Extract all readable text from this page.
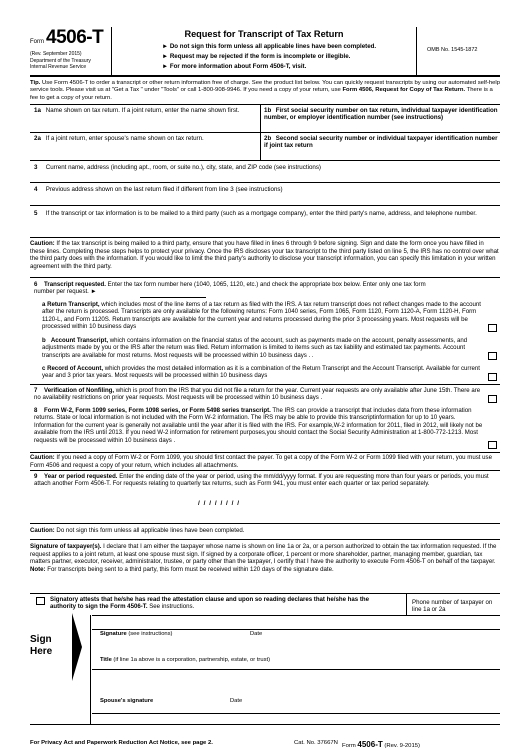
Form 4506-T
(Rev. September 2015)
Department of the Treasury
Internal Revenue Service
Request for Transcript of Tax Return
► Do not sign this form unless all applicable lines have been completed.
► Request may be rejected if the form is incomplete or illegible.
► For more information about Form 4506-T, visit.
OMB No. 1545-1872
Tip. Use Form 4506-T to order a transcript or other return information free of charge. See the product list below. You can quickly request transcripts by using our automated self-help service tools. Please visit us at "Get a Tax " under "Tools" or call 1-800-908-9946. If you need a copy of your return, use Form 4506, Request for Copy of Tax Return. There is a fee to get a copy of your return.
1a Name shown on tax return. If a joint return, enter the name shown first.	1b First social security number on tax return, individual taxpayer identification number, or employer identification number (see instructions)
2a If a joint return, enter spouse's name shown on tax return.	2b Second social security number or individual taxpayer identification number if joint tax return
3 Current name, address (including apt., room, or suite no.), city, state, and ZIP code (see instructions)
4 Previous address shown on the last return filed if different from line 3 (see instructions)
5 If the transcript or tax information is to be mailed to a third party (such as a mortgage company), enter the third party's name, address, and telephone number.
Caution: If the tax transcript is being mailed to a third party, ensure that you have filled in lines 6 through 9 before signing. Sign and date the form once you have filled in these lines. Completing these steps helps to protect your privacy. Once the IRS discloses your tax transcript to the third party listed on line 5, the IRS has no control over what the third party does with the information. If you would like to limit the third party's authority to disclose your transcript information, you can specify this limitation in your written agreement with the third party.
6 Transcript requested. Enter the tax form number here (1040, 1065, 1120, etc.) and check the appropriate box below. Enter only one tax form number per request. ►
a Return Transcript, which includes most of the line items of a tax return as filed with the IRS. A tax return transcript does not reflect changes made to the account after the return is processed. Transcripts are only available for the following returns: Form 1040 series, Form 1065, Form 1120, Form 1120-A, Form 1120-H, Form 1120-L, and Form 1120S. Return transcripts are available for the current year and returns processed during the prior 3 processing years. Most requests will be processed within 10 business days
b Account Transcript, which contains information on the financial status of the account, such as payments made on the account, penalty assessments, and adjustments made by you or the IRS after the return was filed. Return information is limited to items such as tax liability and estimated tax payments. Account transcripts are available for most returns. Most requests will be processed within 10 business days . .
c Record of Account, which provides the most detailed information as it is a combination of the Return Transcript and the Account Transcript. Available for current year and 3 prior tax years. Most requests will be processed within 10 business days
7 Verification of Nonfiling, which is proof from the IRS that you did not file a return for the year. Current year requests are only available after June 15th. There are no availability restrictions on prior year requests. Most requests will be processed within 10 business days .
8 Form W-2, Form 1099 series, Form 1098 series, or Form 5498 series transcript. The IRS can provide a transcript that includes data from these information returns. State or local information is not included with the Form W-2 information. The IRS may be able to provide this transcriptinformation for up to 10 years. Information for the current year is generally not available until the year after it is filed with the IRS. For example,W-2 information for 2011, filed in 2012, will likely not be available from the IRS until 2013. If you need W-2 information for retirement purposes,you should contact the Social Security Administration at 1-800-772-1213. Most requests will be processed within 10 business days .
Caution: If you need a copy of Form W-2 or Form 1099, you should first contact the payer. To get a copy of the Form W-2 or Form 1099 filed with your return, you must use Form 4506 and request a copy of your return, which includes all attachments.
9 Year or period requested. Enter the ending date of the year or period, using the mm/dd/yyyy format. If you are requesting more than four years or periods, you must attach another Form 4506-T. For requests relating to quarterly tax returns, such as Form 941, you must enter each quarter or tax period separately.
/ / / / / / / /
Caution: Do not sign this form unless all applicable lines have been completed.
Signature of taxpayer(s). I declare that I am either the taxpayer whose name is shown on line 1a or 2a, or a person authorized to obtain the tax information requested. If the request applies to a joint return, at least one spouse must sign. If signed by a corporate officer, 1 percent or more shareholder, partner, managing member, guardian, tax matters partner, executor, receiver, administrator, trustee, or party other than the taxpayer, I certify that I have the authority to execute Form 4506-T on behalf of the taxpayer. Note: For transcripts being sent to a third party, this form must be received within 120 days of the signature date.
Signatory attests that he/she has read the attestation clause and upon so reading declares that he/she has the authority to sign the Form 4506-T. See instructions.
Phone number of taxpayer on line 1a or 2a
Sign
Here
Signature (see instructions)	Date
Title (if line 1a above is a corporation, partnership, estate, or trust)
Spouse's signature	Date
For Privacy Act and Paperwork Reduction Act Notice, see page 2.	Cat. No. 37667N Form 4506-T (Rev. 9-2015)
